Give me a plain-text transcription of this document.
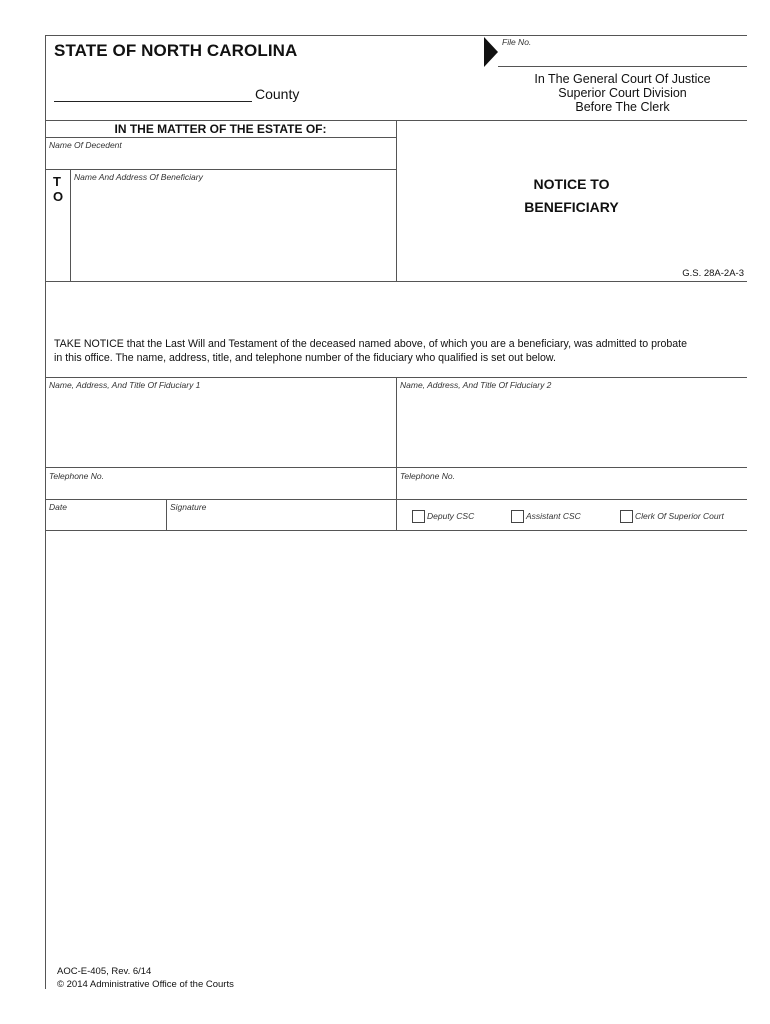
File No.
STATE OF NORTH CAROLINA
County
In The General Court Of Justice
Superior Court Division
Before The Clerk
IN THE MATTER OF THE ESTATE OF:
Name Of Decedent
T
O
Name And Address Of Beneficiary	NOTICE TO
BENEFICIARY
G.S. 28A-2A-3
TAKE NOTICE that the Last Will and Testament of the deceased named above, of which you are a beneficiary, was admitted to probate
in this office. The name, address, title, and telephone number of the fiduciary who qualified is set out below.
Name, Address, And Title Of Fiduciary 1	Name, Address, And Title Of Fiduciary 2
Telephone No.	Telephone No.
Date	Signature
Deputy CSC	Assistant CSC	Clerk Of Superior Court
AOC-E-405, Rev. 6/14
© 2014 Administrative Office of the Courts
